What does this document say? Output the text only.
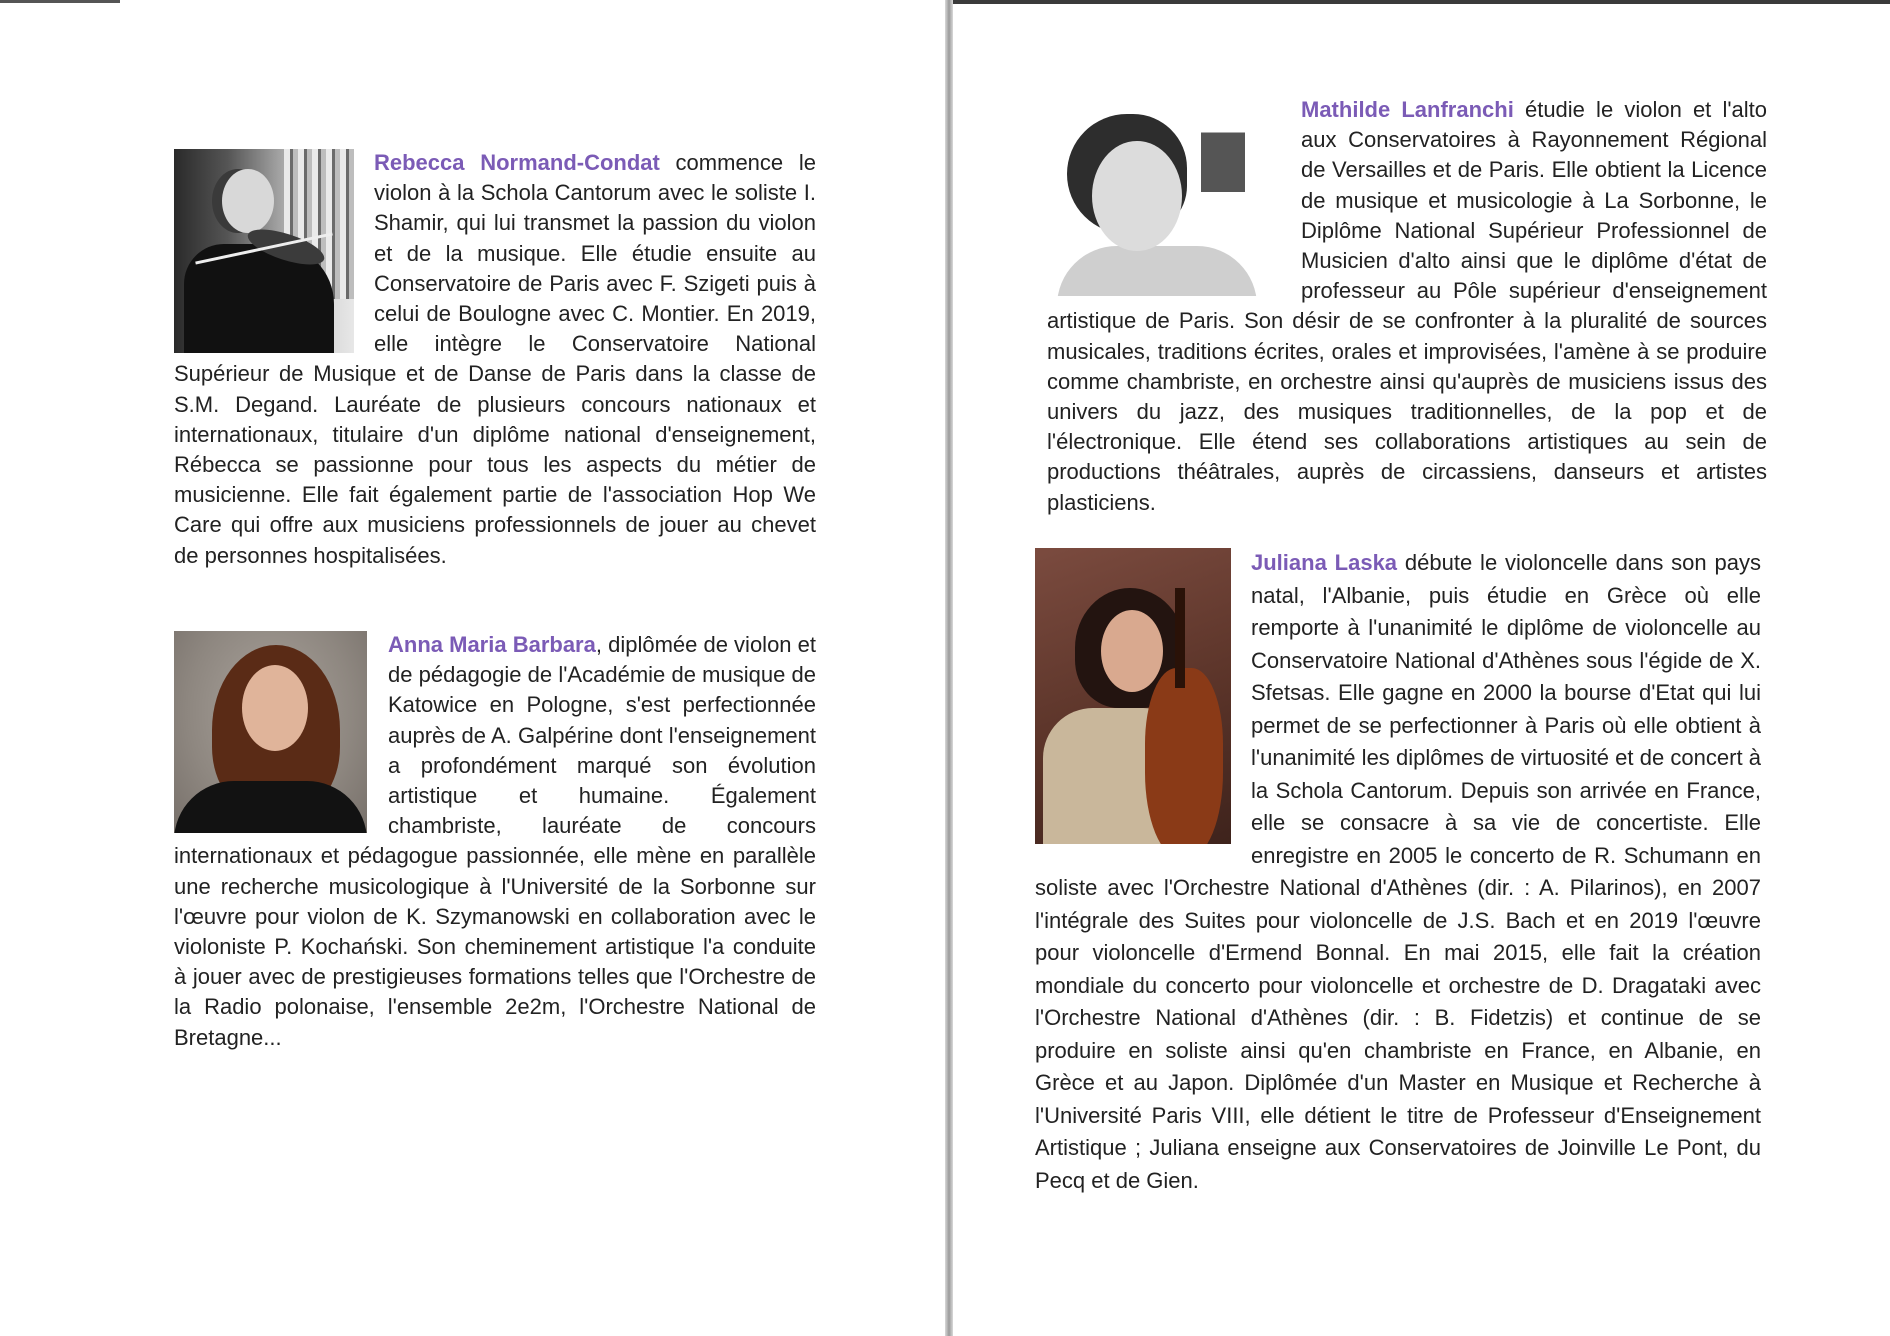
Rebecca Normand-Condat commence le violon à la Schola Cantorum avec le soliste I. Shamir, qui lui transmet la passion du violon et de la musique. Elle étudie ensuite au Conservatoire de Paris avec F. Szigeti puis à celui de Boulogne avec C. Montier. En 2019, elle intègre le Conservatoire National Supérieur de Musique et de Danse de Paris dans la classe de S.M. Degand. Lauréate de plusieurs concours nationaux et internationaux, titulaire d'un diplôme national d'enseignement, Rébecca se passionne pour tous les aspects du métier de musicienne. Elle fait également partie de l'association Hop We Care qui offre aux musiciens professionnels de jouer au chevet de personnes hospitalisées.
Anna Maria Barbara, diplômée de violon et de pédagogie de l'Académie de musique de Katowice en Pologne, s'est perfectionnée auprès de A. Galpérine dont l'enseignement a profondément marqué son évolution artistique et humaine. Également chambriste, lauréate de concours internationaux et pédagogue passionnée, elle mène en parallèle une recherche musicologique à l'Université de la Sorbonne sur l'œuvre pour violon de K. Szymanowski en collaboration avec le violoniste P. Kochański. Son cheminement artistique l'a conduite à jouer avec de prestigieuses formations telles que l'Orchestre de la Radio polonaise, l'ensemble 2e2m, l'Orchestre National de Bretagne...
Mathilde Lanfranchi étudie le violon et l'alto aux Conservatoires à Rayonnement Régional de Versailles et de Paris. Elle obtient la Licence de musique et musicologie à La Sorbonne, le Diplôme National Supérieur Professionnel de Musicien d'alto ainsi que le diplôme d'état de professeur au Pôle supérieur d'enseignement artistique de Paris. Son désir de se confronter à la pluralité de sources musicales, traditions écrites, orales et improvisées, l'amène à se produire comme chambriste, en orchestre ainsi qu'auprès de musiciens issus des univers du jazz, des musiques traditionnelles, de la pop et de l'électronique. Elle étend ses collaborations artistiques au sein de productions théâtrales, auprès de circassiens, danseurs et artistes plasticiens.
Juliana Laska débute le violoncelle dans son pays natal, l'Albanie, puis étudie en Grèce où elle remporte à l'unanimité le diplôme de violoncelle au Conservatoire National d'Athènes sous l'égide de X. Sfetsas. Elle gagne en 2000 la bourse d'Etat qui lui permet de se perfectionner à Paris où elle obtient à l'unanimité les diplômes de virtuosité et de concert à la Schola Cantorum. Depuis son arrivée en France, elle se consacre à sa vie de concertiste. Elle enregistre en 2005 le concerto de R. Schumann en soliste avec l'Orchestre National d'Athènes (dir. : A. Pilarinos), en 2007 l'intégrale des Suites pour violoncelle de J.S. Bach et en 2019 l'œuvre pour violoncelle d'Ermend Bonnal. En mai 2015, elle fait la création mondiale du concerto pour violoncelle et orchestre de D. Dragataki avec l'Orchestre National d'Athènes (dir. : B. Fidetzis) et continue de se produire en soliste ainsi qu'en chambriste en France, en Albanie, en Grèce et au Japon. Diplômée d'un Master en Musique et Recherche à l'Université Paris VIII, elle détient le titre de Professeur d'Enseignement Artistique ; Juliana enseigne aux Conservatoires de Joinville Le Pont, du Pecq et de Gien.
